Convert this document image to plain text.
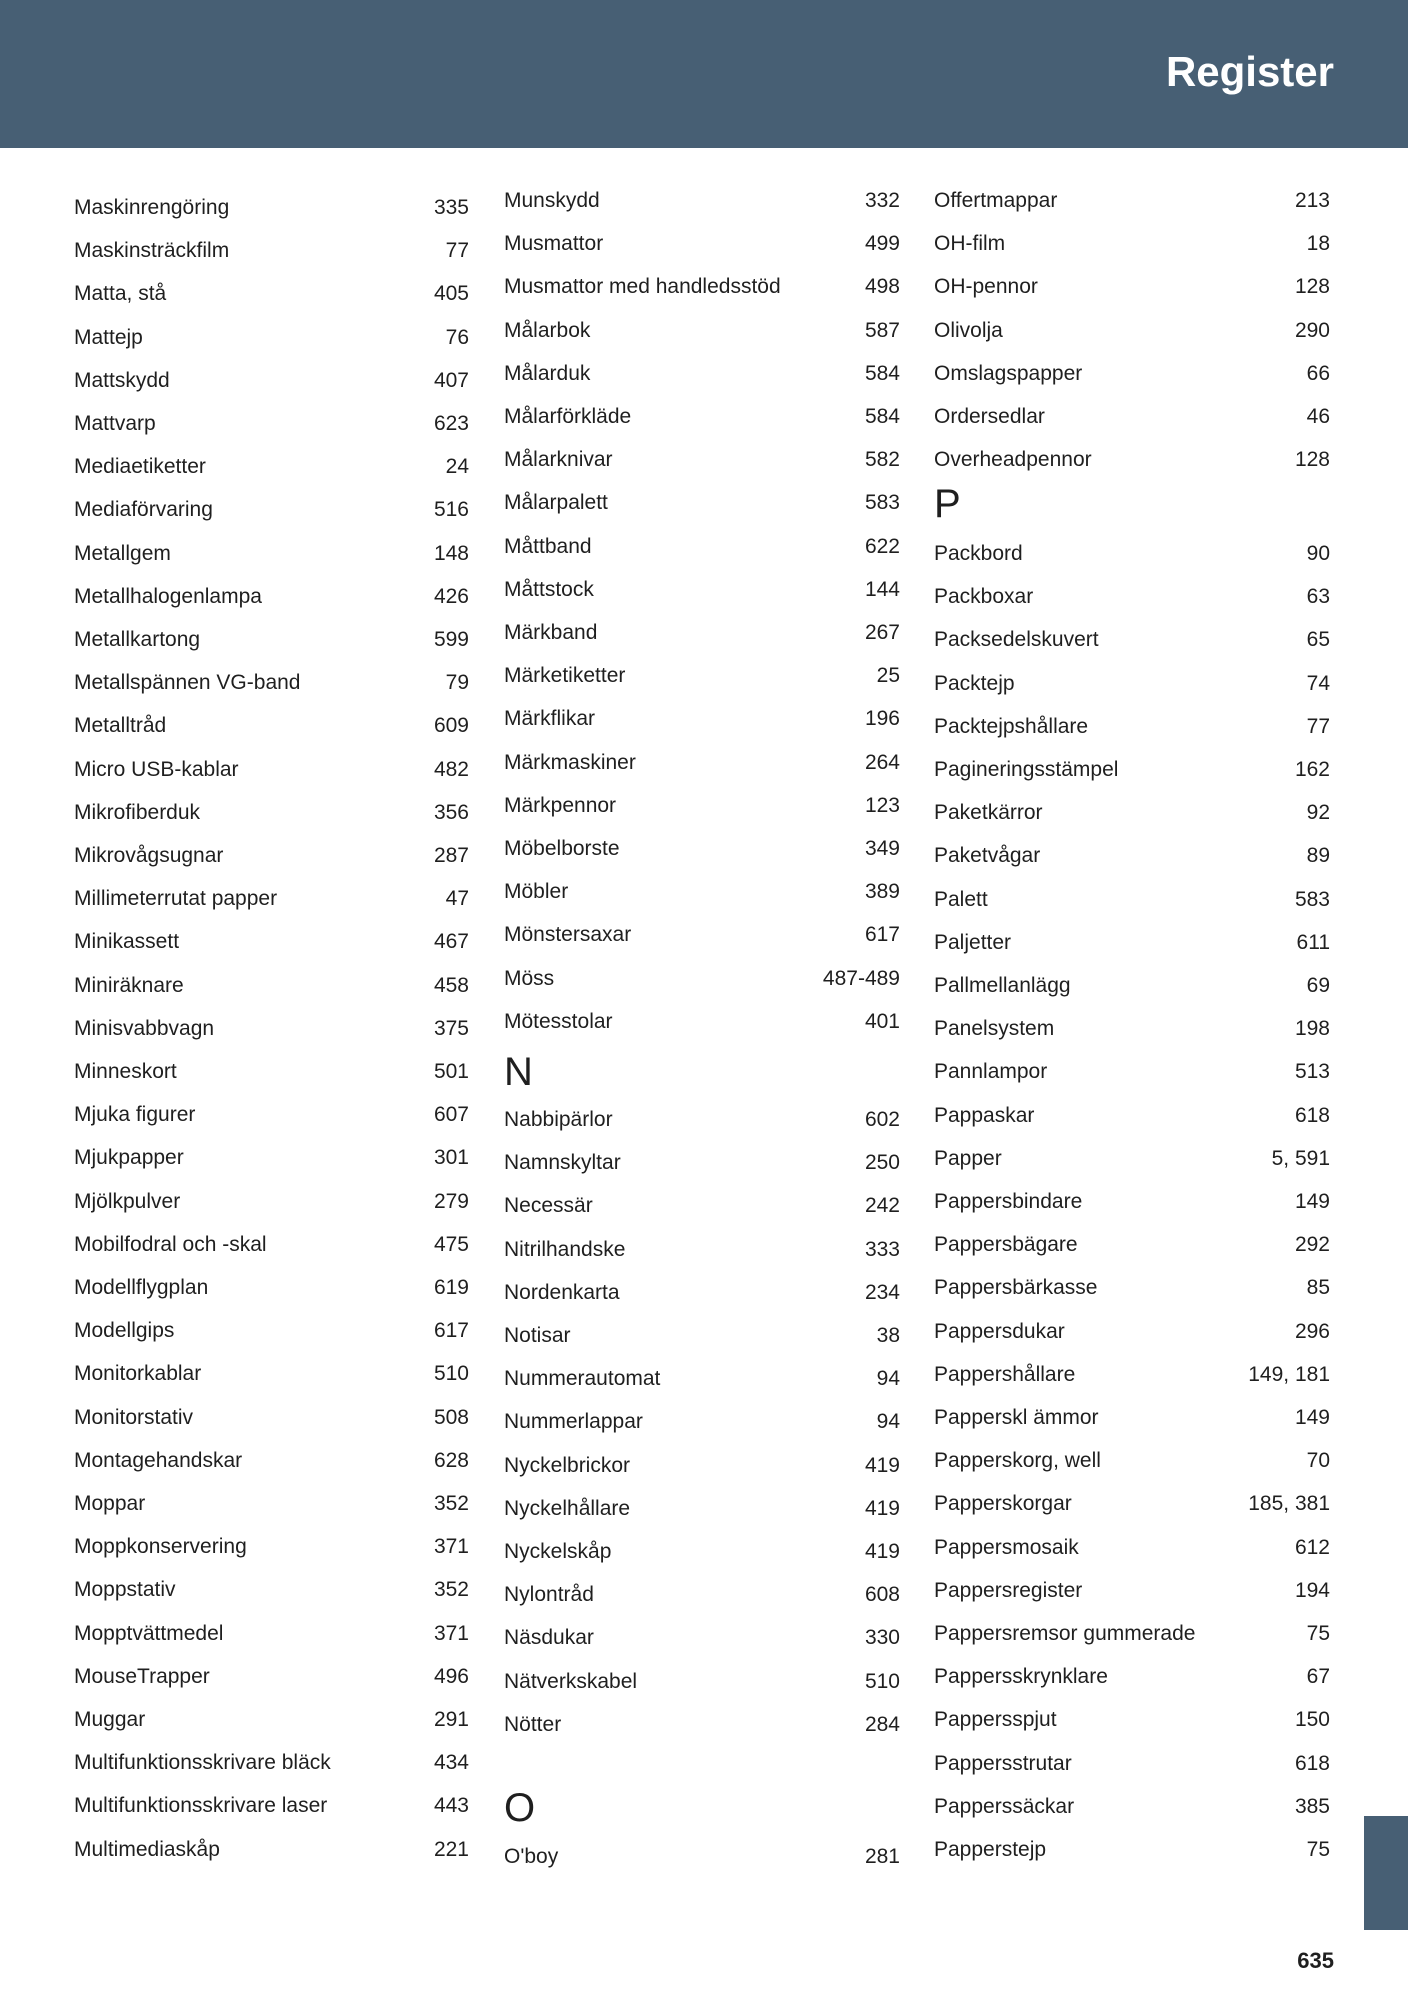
Register
Maskinrengöring	335
Maskinsträckfilm	77
Matta, stå	405
Mattejp	76
Mattskydd	407
Mattvarp	623
Mediaetiketter	24
Mediaförvaring	516
Metallgem	148
Metallhalogenlampa	426
Metallkartong	599
Metallspännen VG-band	79
Metalltråd	609
Micro USB-kablar	482
Mikrofiberduk	356
Mikrovågsugnar	287
Millimeterrutat papper	47
Minikassett	467
Miniräknare	458
Minisvabbvagn	375
Minneskort	501
Mjuka figurer	607
Mjukpapper	301
Mjölkpulver	279
Mobilfodral och -skal	475
Modellflygplan	619
Modellgips	617
Monitorkablar	510
Monitorstativ	508
Montagehandskar	628
Moppar	352
Moppkonservering	371
Moppstativ	352
Mopptvättmedel	371
MouseTrapper	496
Muggar	291
Multifunktionsskrivare bläck	434
Multifunktionsskrivare laser	443
Multimediaskåp	221
Munskydd	332
Musmattor	499
Musmattor med handledsstöd	498
Målarbok	587
Målarduk	584
Målarförkläde	584
Målarknivar	582
Målarpalett	583
Måttband	622
Måttstock	144
Märkband	267
Märketiketter	25
Märkflikar	196
Märkmaskiner	264
Märkpennor	123
Möbelborste	349
Möbler	389
Mönstersaxar	617
Möss	487-489
Mötesstolar	401
N
Nabbipärlor	602
Namnskyltar	250
Necessär	242
Nitrilhandske	333
Nordenkarta	234
Notisar	38
Nummerautomat	94
Nummerlappar	94
Nyckelbrickor	419
Nyckelhållare	419
Nyckelskåp	419
Nylontråd	608
Näsdukar	330
Nätverkskabel	510
Nötter	284
O
O'boy	281
Offertmappar	213
OH-film	18
OH-pennor	128
Olivolja	290
Omslagspapper	66
Ordersedlar	46
Overheadpennor	128
P
Packbord	90
Packboxar	63
Packsedelskuvert	65
Packtejp	74
Packtejpshållare	77
Pagineringsstämpel	162
Paketkärror	92
Paketvågar	89
Palett	583
Paljetter	611
Pallmellanlägg	69
Panelsystem	198
Pannlampor	513
Pappaskar	618
Papper	5, 591
Pappersbindare	149
Pappersbägare	292
Pappersbärkasse	85
Pappersdukar	296
Pappershållare	149, 181
Papperskl ämmor	149
Papperskorg, well	70
Papperskorgar	185, 381
Pappersmosaik	612
Pappersregister	194
Pappersremsor gummerade	75
Pappersskrynklare	67
Pappersspjut	150
Pappersstrutar	618
Papperssäckar	385
Papperstejp	75
635
